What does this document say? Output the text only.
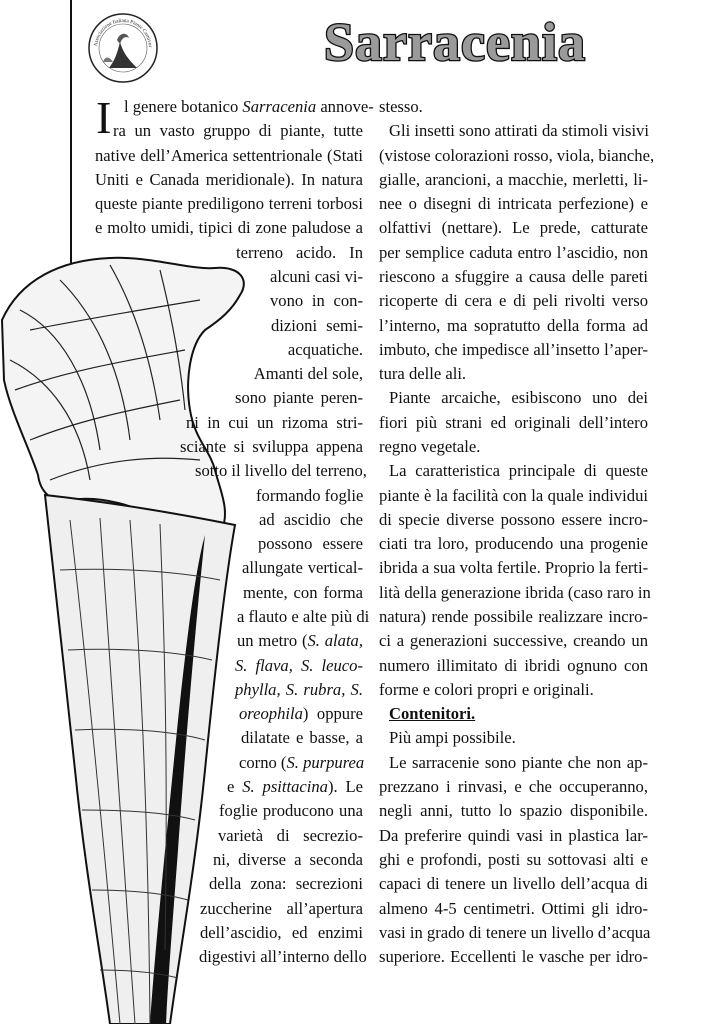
Associazione Italiana Piante Carnivor	Sarracenia
I l genere botanico Sarracenia annove-
ra un vasto gruppo di piante, tutte
native dell’America settentrionale (Stati
Uniti e Canada meridionale). In natura
queste piante prediligono terreni torbosi
e molto umidi, tipici di zone paludose a
terreno acido. In
alcuni casi vi-
vono in con-
dizioni semi-
acquatiche.
Amanti del sole,
sono piante peren-
ni in cui un rizoma stri-
sciante si sviluppa appena
sotto il livello del terreno,
formando foglie
ad ascidio che
possono essere
allungate vertical-
mente, con forma
a flauto e alte più di
un metro (S. alata,
S. flava, S. leuco-
phylla, S. rubra, S.
oreophila) oppure
dilatate e basse, a
corno (S. purpurea
e S. psittacina). Le
foglie producono una
varietà di secrezio-
ni, diverse a seconda
della zona: secrezioni
zuccherine all’apertura
dell’ascidio, ed enzimi
digestivi all’interno dello
stesso.
Gli insetti sono attirati da stimoli visivi
(vistose colorazioni rosso, viola, bianche,
gialle, arancioni, a macchie, merletti, li-
nee o disegni di intricata perfezione) e
olfattivi (nettare). Le prede, catturate
per semplice caduta entro l’ascidio, non
riescono a sfuggire a causa delle pareti
ricoperte di cera e di peli rivolti verso
l’interno, ma sopratutto della forma ad
imbuto, che impedisce all’insetto l’aper-
tura delle ali.
Piante arcaiche, esibiscono uno dei
fiori più strani ed originali dell’intero
regno vegetale.
La caratteristica principale di queste
piante è la facilità con la quale individui
di specie diverse possono essere incro-
ciati tra loro, producendo una progenie
ibrida a sua volta fertile. Proprio la ferti-
lità della generazione ibrida (caso raro in
natura) rende possibile realizzare incro-
ci a generazioni successive, creando un
numero illimitato di ibridi ognuno con
forme e colori propri e originali.
Contenitori.
Più ampi possibile.
Le sarracenie sono piante che non ap-
prezzano i rinvasi, e che occuperanno,
negli anni, tutto lo spazio disponibile.
Da preferire quindi vasi in plastica lar-
ghi e profondi, posti su sottovasi alti e
capaci di tenere un livello dell’acqua di
almeno 4-5 centimetri. Ottimi gli idro-
vasi in grado di tenere un livello d’acqua
superiore. Eccellenti le vasche per idro-
